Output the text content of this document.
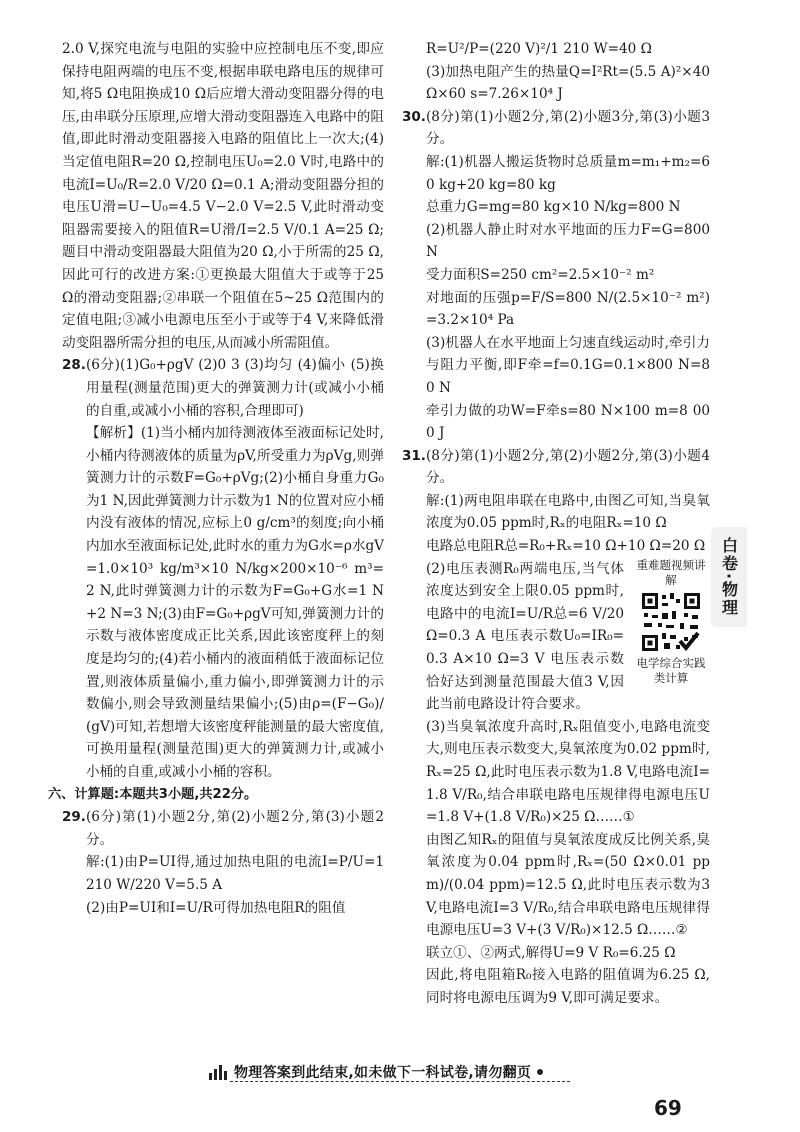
2.0 V,探究电流与电阻的实验中应控制电压不变,即应保持电阻两端的电压不变,根据串联电路电压的规律可知,将5 Ω电阻换成10 Ω后应增大滑动变阻器分得的电压,由串联分压原理,应增大滑动变阻器连入电路中的阻值,即此时滑动变阻器接入电路的阻值比上一次大;(4)当定值电阻R=20 Ω,控制电压U₀=2.0 V时,电路中的电流I=U₀/R=2.0 V/20 Ω=0.1 A;滑动变阻器分担的电压U滑=U−U₀=4.5 V−2.0 V=2.5 V,此时滑动变阻器需要接入的阻值R=U滑/I=2.5 V/0.1 A=25 Ω;题目中滑动变阻器最大阻值为20 Ω,小于所需的25 Ω,因此可行的改进方案:①更换最大阻值大于或等于25 Ω的滑动变阻器;②串联一个阻值在5~25 Ω范围内的定值电阻;③减小电源电压至小于或等于4 V,来降低滑动变阻器所需分担的电压,从而减小所需阻值。

28. (6分)(1)G₀+ρgV (2)0 3 (3)均匀 (4)偏小 (5)换用量程(测量范围)更大的弹簧测力计(或减小小桶的自重,或减小小桶的容积,合理即可)

【解析】(1)当小桶内加待测液体至液面标记处时,小桶内待测液体的质量为ρV,所受重力为ρVg,则弹簧测力计的示数F=G₀+ρVg;(2)小桶自身重力G₀为1 N,因此弹簧测力计示数为1 N的位置对应小桶内没有液体的情况,应标上0 g/cm³的刻度;向小桶内加水至液面标记处,此时水的重力为G水=ρ水gV=1.0×10³ kg/m³×10 N/kg×200×10⁻⁶ m³=2 N,此时弹簧测力计的示数为F=G₀+G水=1 N+2 N=3 N;(3)由F=G₀+ρgV可知,弹簧测力计的示数与液体密度成正比关系,因此该密度秤上的刻度是均匀的;(4)若小桶内的液面稍低于液面标记位置,则液体质量偏小,重力偏小,即弹簧测力计的示数偏小,则会导致测量结果偏小;(5)由ρ=(F−G₀)/(gV)可知,若想增大该密度秤能测量的最大密度值,可换用量程(测量范围)更大的弹簧测力计,或减小小桶的自重,或减小小桶的容积。

六、计算题:本题共3小题,共22分。

29. (6分)第(1)小题2分,第(2)小题2分,第(3)小题2分。

解:(1)由P=UI得,通过加热电阻的电流I=P/U=1 210 W/220 V=5.5 A

(2)由P=UI和I=U/R可得加热电阻R的阻值

R=U²/P=(220 V)²/1 210 W=40 Ω

(3)加热电阻产生的热量Q=I²Rt=(5.5 A)²×40 Ω×60 s=7.26×10⁴ J

30. (8分)第(1)小题2分,第(2)小题3分,第(3)小题3分。

解:(1)机器人搬运货物时总质量m=m₁+m₂=60 kg+20 kg=80 kg

总重力G=mg=80 kg×10 N/kg=800 N

(2)机器人静止时对水平地面的压力F=G=800 N

受力面积S=250 cm²=2.5×10⁻² m²

对地面的压强p=F/S=800 N/(2.5×10⁻² m²)=3.2×10⁴ Pa

(3)机器人在水平地面上匀速直线运动时,牵引力与阻力平衡,即F牵=f=0.1G=0.1×800 N=80 N

牵引力做的功W=F牵s=80 N×100 m=8 000 J

31. (8分)第(1)小题2分,第(2)小题2分,第(3)小题4分。

解:(1)两电阻串联在电路中,由图乙可知,当臭氧浓度为0.05 ppm时,Rₓ的电阻Rₓ=10 Ω

电路总电阻R总=R₀+Rₓ=10 Ω+10 Ω=20 Ω

(2)电压表测R₀两端电压,当气体浓度达到安全上限0.05 ppm时,电路中的电流I=U/R总=6 V/20 Ω=0.3 A 电压表示数U₀=IR₀=0.3 A×10 Ω=3 V 电压表示数恰好达到测量范围最大值3 V,因此当前电路设计符合要求。

重难题视频讲解
电学综合实践类计算

(3)当臭氧浓度升高时,Rₓ阻值变小,电路电流变大,则电压表示数变大,臭氧浓度为0.02 ppm时,Rₓ=25 Ω,此时电压表示数为1.8 V,电路电流I=1.8 V/R₀,结合串联电路电压规律得电源电压U=1.8 V+(1.8 V/R₀)×25 Ω……①

由图乙知Rₓ的阻值与臭氧浓度成反比例关系,臭氧浓度为0.04 ppm时,Rₓ=(50 Ω×0.01 ppm)/(0.04 ppm)=12.5 Ω,此时电压表示数为3 V,电路电流I=3 V/R₀,结合串联电路电压规律得电源电压U=3 V+(3 V/R₀)×12.5 Ω……②

联立①、②两式,解得U=9 V R₀=6.25 Ω

因此,将电阻箱R₀接入电路的阻值调为6.25 Ω,同时将电源电压调为9 V,即可满足要求。

白卷·物理
物理答案到此结束,如未做下一科试卷,请勿翻页
69
